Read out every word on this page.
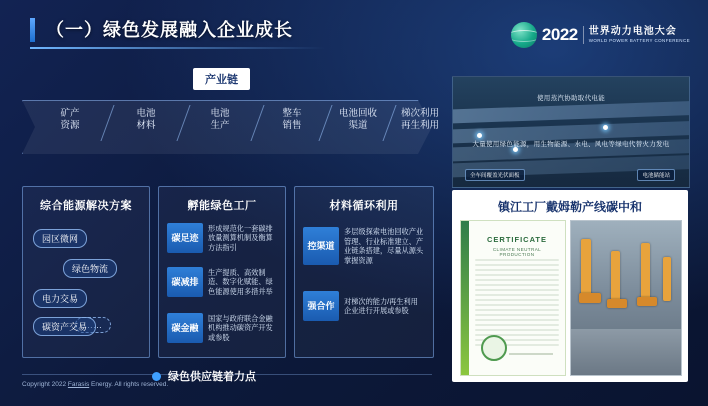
（一）绿色发展融入企业成长	2022 世界动力电池大会
WORLD POWER BATTERY CONFERENCE
产业链
矿产
资源
电池
材料
电池
生产
整车
销售
电池回收
渠道
梯次利用
再生利用
综合能源解决方案
园区微网
绿色物流
电力交易
……
碳资产交易
孵能绿色工厂
碳足迹
形成规范化一套碳排放量测算机制及衡算方法指引
碳减排
生产提质、高效制造、数字化赋能、绿色能源使用多措并举
碳金融
国家与政府联合金融机构推动碳资产开发或参股
材料循环利用
控渠道
多层级探索电池回收产业管理、行业标准建立、产业链条搭建，尽量从源头掌握资源
强合作	对梯次的能力/再生利用企业进行开展或参股
绿色供应链着力点
Copyright 2022 Farasis Energy. All rights reserved.
使用蒸汽协助取代电能
大量使用绿色能源，用生物能源、水电、风电等绿电代替火力发电
全车间覆盖光伏面板	电池储能站
镇江工厂戴姆勒产线碳中和
CERTIFICATE
CLIMATE NEUTRAL PRODUCTION
